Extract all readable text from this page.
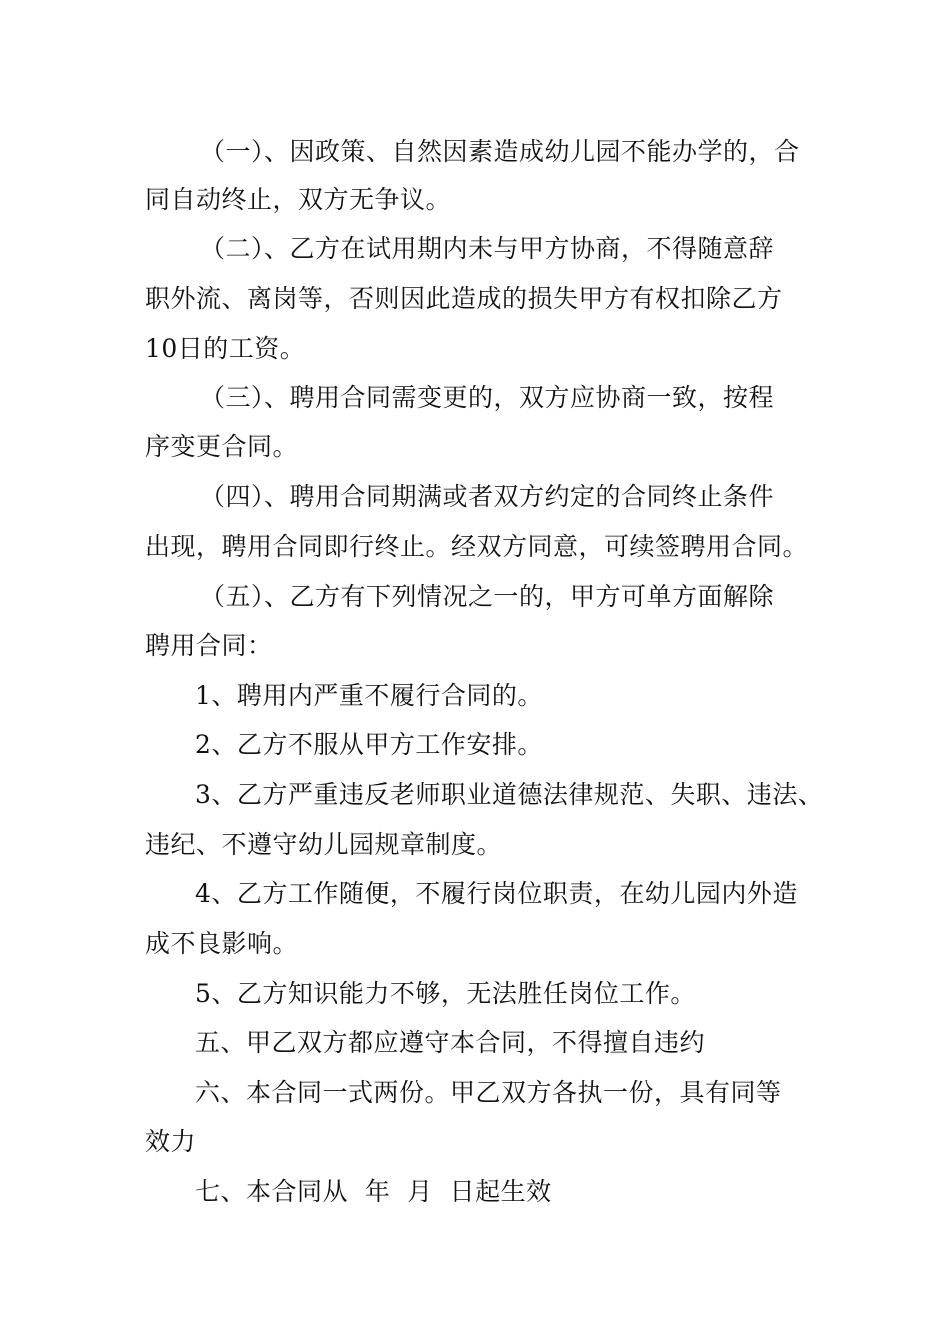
（一）、因政策、自然因素造成幼儿园不能办学的，合
同自动终止，双方无争议。
（二）、乙方在试用期内未与甲方协商，不得随意辞
职外流、离岗等，否则因此造成的损失甲方有权扣除乙方
10日的工资。
（三）、聘用合同需变更的，双方应协商一致，按程
序变更合同。
（四）、聘用合同期满或者双方约定的合同终止条件
出现，聘用合同即行终止。经双方同意，可续签聘用合同。
（五）、乙方有下列情况之一的，甲方可单方面解除
聘用合同：
1、聘用内严重不履行合同的。
2、乙方不服从甲方工作安排。
3、乙方严重违反老师职业道德法律规范、失职、违法、
违纪、不遵守幼儿园规章制度。
4、乙方工作随便，不履行岗位职责，在幼儿园内外造
成不良影响。
5、乙方知识能力不够，无法胜任岗位工作。
五、甲乙双方都应遵守本合同，不得擅自违约
六、本合同一式两份。甲乙双方各执一份，具有同等
效力
七、本合同从  年  月  日起生效
